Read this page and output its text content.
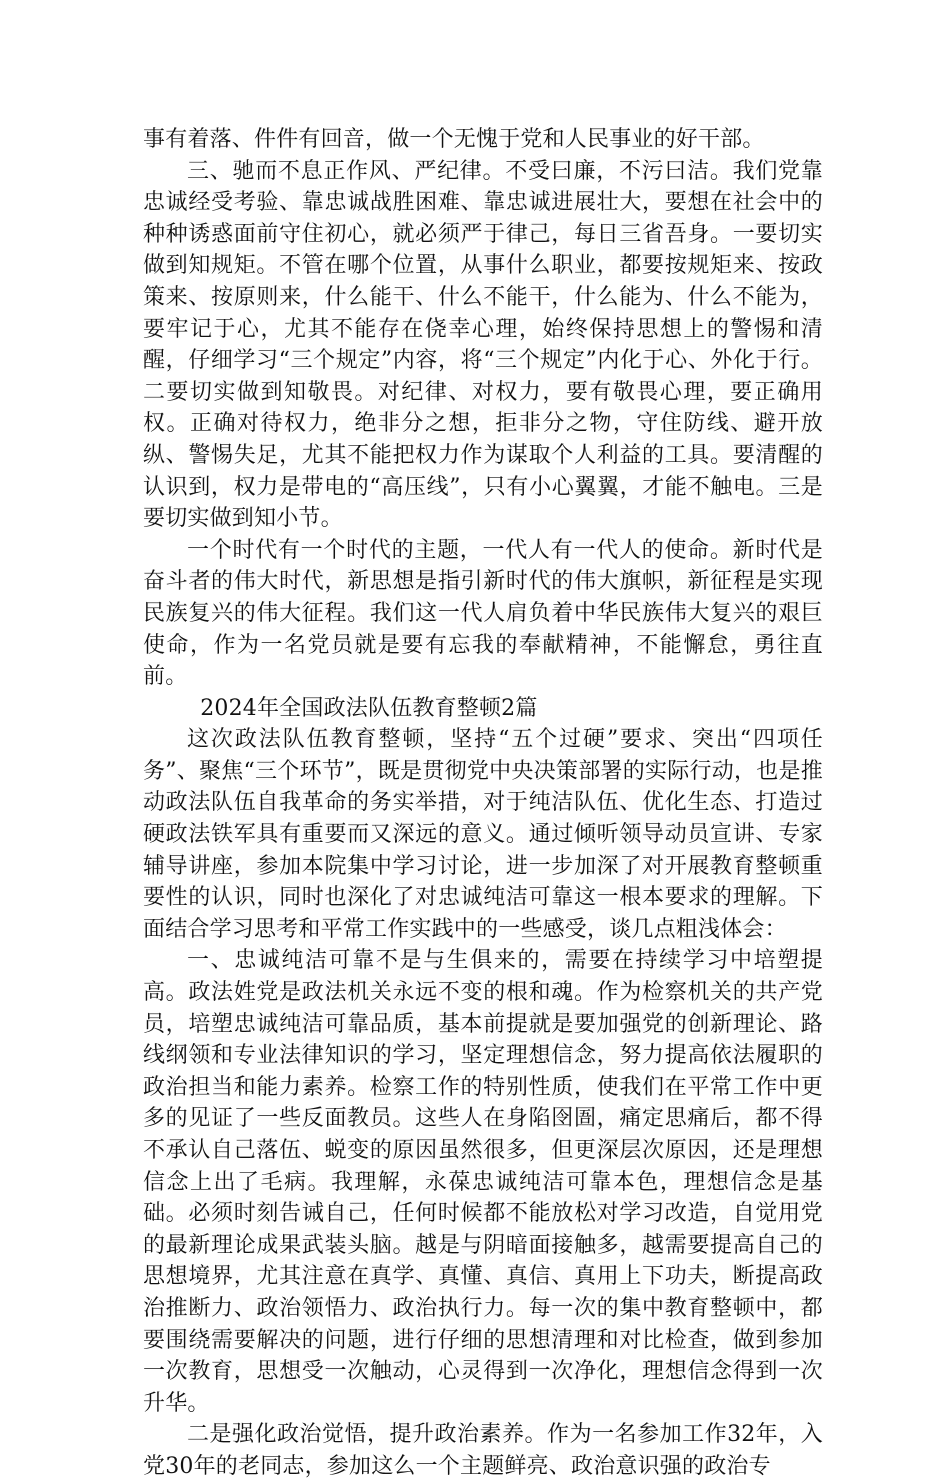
事有着落、件件有回音，做一个无愧于党和人民事业的好干部。

三、驰而不息正作风、严纪律。不受曰廉，不污曰洁。我们党靠忠诚经受考验、靠忠诚战胜困难、靠忠诚进展壮大，要想在社会中的种种诱惑面前守住初心，就必须严于律己，每日三省吾身。一要切实做到知规矩。不管在哪个位置，从事什么职业，都要按规矩来、按政策来、按原则来，什么能干、什么不能干，什么能为、什么不能为，要牢记于心，尤其不能存在侥幸心理，始终保持思想上的警惕和清醒，仔细学习“三个规定”内容，将“三个规定”内化于心、外化于行。二要切实做到知敬畏。对纪律、对权力，要有敬畏心理，要正确用权。正确对待权力，绝非分之想，拒非分之物，守住防线、避开放纵、警惕失足，尤其不能把权力作为谋取个人利益的工具。要清醒的认识到，权力是带电的“高压线”，只有小心翼翼，才能不触电。三是要切实做到知小节。

一个时代有一个时代的主题，一代人有一代人的使命。新时代是奋斗者的伟大时代，新思想是指引新时代的伟大旗帜，新征程是实现民族复兴的伟大征程。我们这一代人肩负着中华民族伟大复兴的艰巨使命，作为一名党员就是要有忘我的奉献精神，不能懈怠，勇往直前。

2024年全国政法队伍教育整顿2篇

这次政法队伍教育整顿，坚持“五个过硬”要求、突出“四项任务”、聚焦“三个环节”，既是贯彻党中央决策部署的实际行动，也是推动政法队伍自我革命的务实举措，对于纯洁队伍、优化生态、打造过硬政法铁军具有重要而又深远的意义。通过倾听领导动员宣讲、专家辅导讲座，参加本院集中学习讨论，进一步加深了对开展教育整顿重要性的认识，同时也深化了对忠诚纯洁可靠这一根本要求的理解。下面结合学习思考和平常工作实践中的一些感受，谈几点粗浅体会：

一、忠诚纯洁可靠不是与生俱来的，需要在持续学习中培塑提高。政法姓党是政法机关永远不变的根和魂。作为检察机关的共产党员，培塑忠诚纯洁可靠品质，基本前提就是要加强党的创新理论、路线纲领和专业法律知识的学习，坚定理想信念，努力提高依法履职的政治担当和能力素养。检察工作的特别性质，使我们在平常工作中更多的见证了一些反面教员。这些人在身陷囹圄，痛定思痛后，都不得不承认自己落伍、蜕变的原因虽然很多，但更深层次原因，还是理想信念上出了毛病。我理解，永葆忠诚纯洁可靠本色，理想信念是基础。必须时刻告诫自己，任何时候都不能放松对学习改造，自觉用党的最新理论成果武装头脑。越是与阴暗面接触多，越需要提高自己的思想境界，尤其注意在真学、真懂、真信、真用上下功夫，断提高政治推断力、政治领悟力、政治执行力。每一次的集中教育整顿中，都要围绕需要解决的问题，进行仔细的思想清理和对比检查，做到参加一次教育，思想受一次触动，心灵得到一次净化，理想信念得到一次升华。

二是强化政治觉悟，提升政治素养。作为一名参加工作32年，入党30年的老同志，参加这么一个主题鲜亮、政治意识强的政治专
